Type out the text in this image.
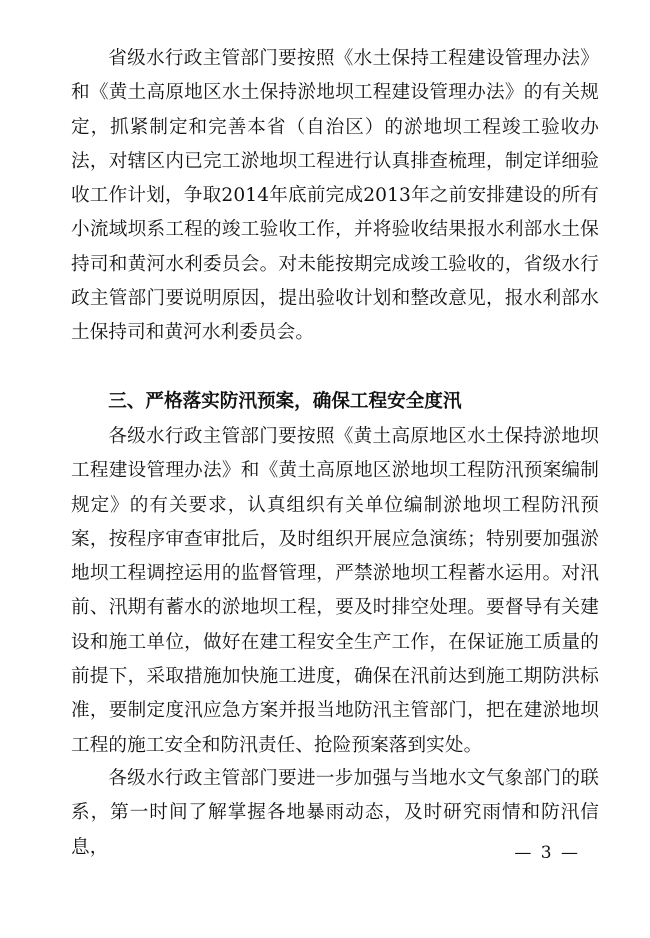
省级水行政主管部门要按照《水土保持工程建设管理办法》和《黄土高原地区水土保持淤地坝工程建设管理办法》的有关规定，抓紧制定和完善本省（自治区）的淤地坝工程竣工验收办法，对辖区内已完工淤地坝工程进行认真排查梳理，制定详细验收工作计划，争取2014年底前完成2013年之前安排建设的所有小流域坝系工程的竣工验收工作，并将验收结果报水利部水土保持司和黄河水利委员会。对未能按期完成竣工验收的，省级水行政主管部门要说明原因，提出验收计划和整改意见，报水利部水土保持司和黄河水利委员会。

三、严格落实防汛预案，确保工程安全度汛

各级水行政主管部门要按照《黄土高原地区水土保持淤地坝工程建设管理办法》和《黄土高原地区淤地坝工程防汛预案编制规定》的有关要求，认真组织有关单位编制淤地坝工程防汛预案，按程序审查审批后，及时组织开展应急演练；特别要加强淤地坝工程调控运用的监督管理，严禁淤地坝工程蓄水运用。对汛前、汛期有蓄水的淤地坝工程，要及时排空处理。要督导有关建设和施工单位，做好在建工程安全生产工作，在保证施工质量的前提下，采取措施加快施工进度，确保在汛前达到施工期防洪标准，要制定度汛应急方案并报当地防汛主管部门，把在建淤地坝工程的施工安全和防汛责任、抢险预案落到实处。

各级水行政主管部门要进一步加强与当地水文气象部门的联系，第一时间了解掌握各地暴雨动态，及时研究雨情和防汛信息，	— 3 —
